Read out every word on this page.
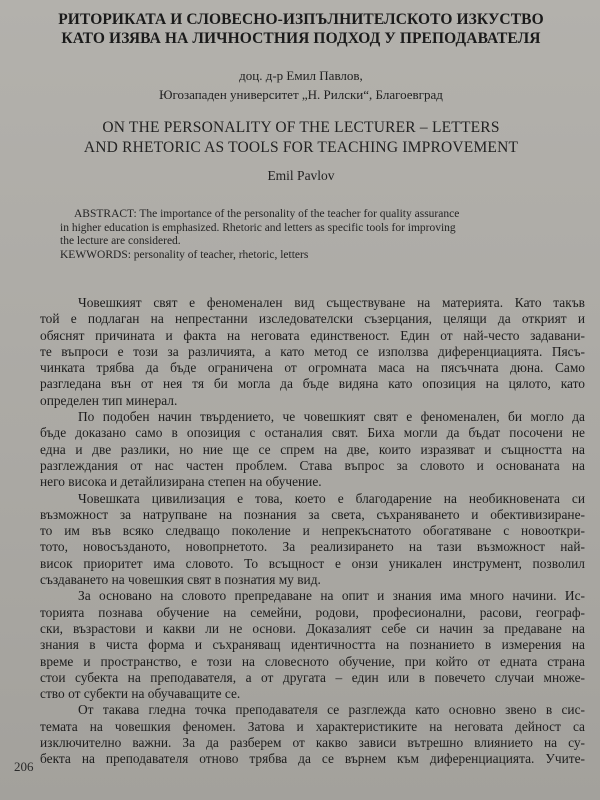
РИТОРИКАТА И СЛОВЕСНО-ИЗПЪЛНИТЕЛСКОТО ИЗКУСТВО
КАТО ИЗЯВА НА ЛИЧНОСТНИЯ ПОДХОД У ПРЕПОДАВАТЕЛЯ
доц. д-р Емил Павлов,
Югозападен университет „Н. Рилски“, Благоевград
ON THE PERSONALITY OF THE LECTURER – LETTERS
AND RHETORIC AS TOOLS FOR TEACHING IMPROVEMENT
Emil Pavlov
ABSTRACT: The importance of the personality of the teacher for quality assurance
in higher education is emphasized. Rhetoric and letters as specific tools for improving
the lecture are considered.
KEWWORDS: personality of teacher, rhetoric, letters
Човешкият свят е феноменален вид съществуване на материята. Като такъв
той е подлаган на непрестанни изследователски съзерцания, целящи да открият и
обяснят причината и факта на неговата единственост. Един от най-често задавани-
те въпроси е този за различията, а като метод се използва диференциацията. Пясъ-
чинката трябва да бъде ограничена от огромната маса на пясъчната дюна. Само
разгледана вън от нея тя би могла да бъде видяна като опозиция на цялото, като
определен тип минерал.
По подобен начин твърдението, че човешкият свят е феноменален, би могло да
бъде доказано само в опозиция с останалия свят. Биха могли да бъдат посочени не
една и две разлики, но ние ще се спрем на две, които изразяват и същността на
разглеждания от нас частен проблем. Става въпрос за словото и основаната на
него висока и детайлизирана степен на обучение.
Човешката цивилизация е това, което е благодарение на необикновената си
възможност за натрупване на познания за света, съхраняването и обективизиране-
то им във всяко следващо поколение и непрекъснатото обогатяване с новооткри-
тото, новосъзданото, новопрнетото. За реализирането на тази възможност най-
висок приоритет има словото. То всъщност е онзи уникален инструмент, позволил
създаването на човешкия свят в познатия му вид.
За основано на словото препредаване на опит и знания има много начини. Ис-
торията познава обучение на семейни, родови, професионални, расови, географ-
ски, възрастови и какви ли не основи. Доказалият себе си начин за предаване на
знания в чиста форма и съхраняващ идентичността на познанието в измерения на
време и пространство, е този на словесното обучение, при който от едната страна
стои субекта на преподавателя, а от другата – един или в повечето случаи множе-
ство от субекти на обучаващите се.
От такава гледна точка преподавателя се разглежда като основно звено в сис-
темата на човешкия феномен. Затова и характеристиките на неговата дейност са
изключително важни. За да разберем от какво зависи вътрешно влиянието на су-
бекта на преподавателя отново трябва да се върнем към диференциацията. Учите-
206
